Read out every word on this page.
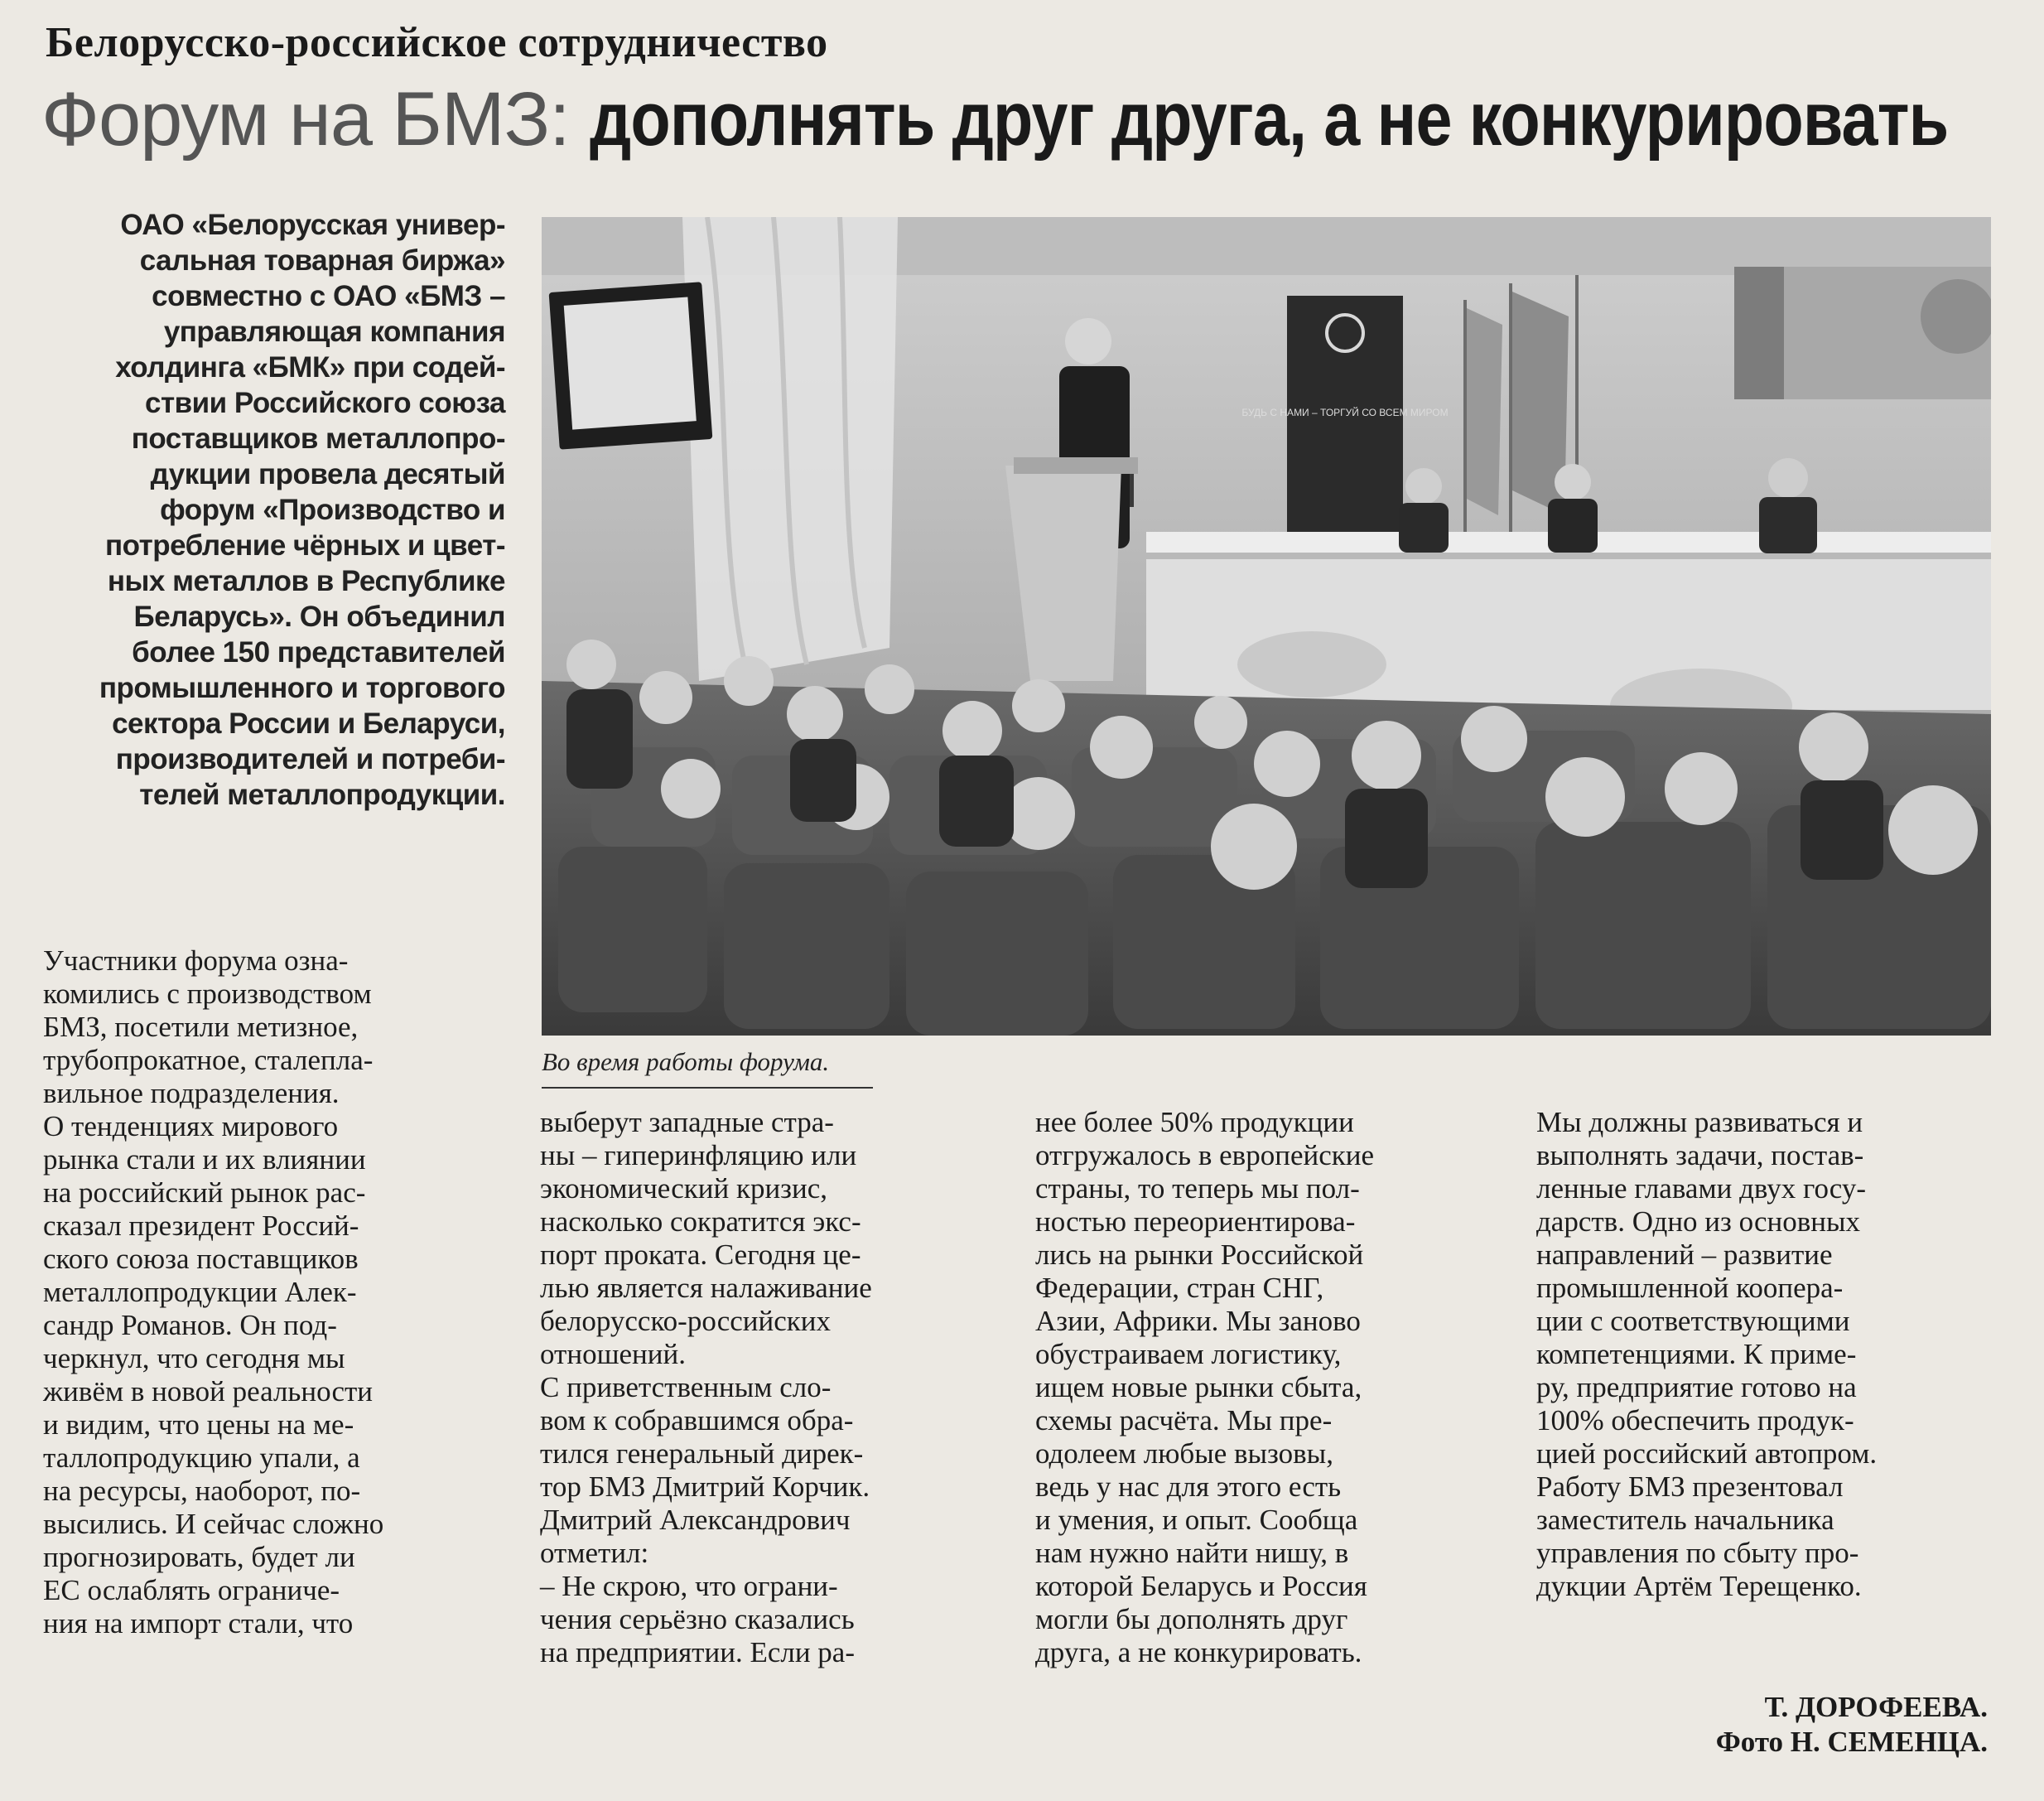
Белорусско-российское сотрудничество
Форум на БМЗ: дополнять друг друга, а не конкурировать
ОАО «Белорусская универ-
сальная товарная биржа»
совместно с ОАО «БМЗ –
управляющая компания
холдинга «БМК» при содей-
ствии Российского союза
поставщиков металлопро-
дукции провела десятый
форум «Производство и
потребление чёрных и цвет-
ных металлов в Республике
Беларусь». Он объединил
более 150 представителей
промышленного и торгового
сектора России и Беларуси,
производителей и потреби-
телей металлопродукции.
БУДЬ С НАМИ – ТОРГУЙ СО ВСЕМ МИРОМ
Во время работы форума.
Участники форума озна-
комились с производством
БМЗ, посетили метизное,
трубопрокатное, сталепла-
вильное подразделения.
О тенденциях мирового
рынка стали и их влиянии
на российский рынок рас-
сказал президент Россий-
ского союза поставщиков
металлопродукции Алек-
сандр Романов. Он под-
черкнул, что сегодня мы
живём в новой реальности
и видим, что цены на ме-
таллопродукцию упали, а
на ресурсы, наоборот, по-
высились. И сейчас сложно
прогнозировать, будет ли
ЕС ослаблять ограниче-
ния на импорт стали, что
выберут западные стра-
ны – гиперинфляцию или
экономический кризис,
насколько сократится экс-
порт проката. Сегодня це-
лью является налаживание
белорусско-российских
отношений.
С приветственным сло-
вом к собравшимся обра-
тился генеральный дирек-
тор БМЗ Дмитрий Корчик.
Дмитрий Александрович
отметил:
– Не скрою, что ограни-
чения серьёзно сказались
на предприятии. Если ра-
нее более 50% продукции
отгружалось в европейские
страны, то теперь мы пол-
ностью переориентирова-
лись на рынки Российской
Федерации, стран СНГ,
Азии, Африки. Мы заново
обустраиваем логистику,
ищем новые рынки сбыта,
схемы расчёта. Мы пре-
одолеем любые вызовы,
ведь у нас для этого есть
и умения, и опыт. Сообща
нам нужно найти нишу, в
которой Беларусь и Россия
могли бы дополнять друг
друга, а не конкурировать.
Мы должны развиваться и
выполнять задачи, постав-
ленные главами двух госу-
дарств. Одно из основных
направлений – развитие
промышленной коопера-
ции с соответствующими
компетенциями. К приме-
ру, предприятие готово на
100% обеспечить продук-
цией российский автопром.
Работу БМЗ презентовал
заместитель начальника
управления по сбыту про-
дукции Артём Терещенко.
Т. ДОРОФЕЕВА.
Фото Н. СЕМЕНЦА.
